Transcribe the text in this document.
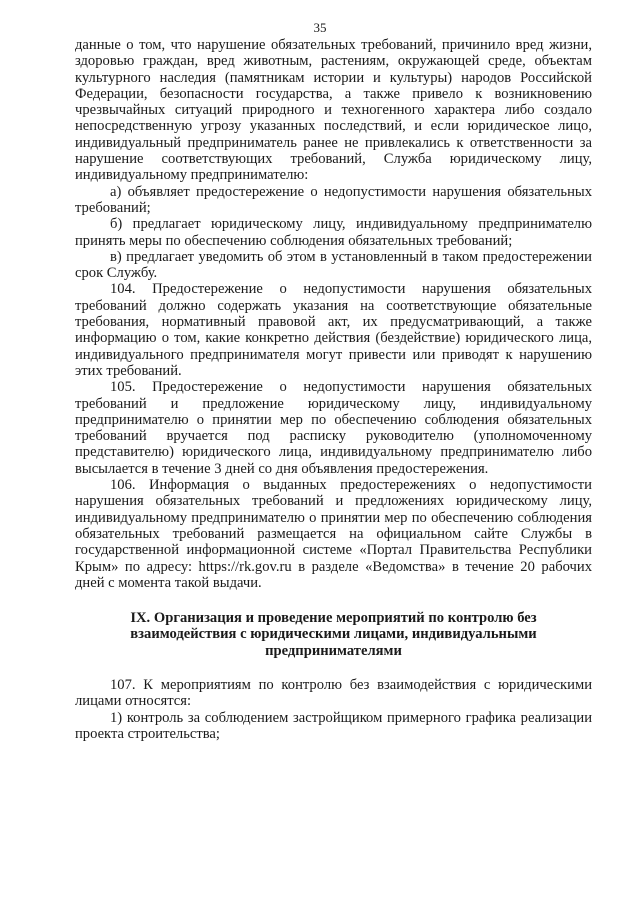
35

данные о том, что нарушение обязательных требований, причинило вред жизни, здоровью граждан, вред животным, растениям, окружающей среде, объектам культурного наследия (памятникам истории и культуры) народов Российской Федерации, безопасности государства, а также привело к возникновению чрезвычайных ситуаций природного и техногенного характера либо создало непосредственную угрозу указанных последствий, и если юридическое лицо, индивидуальный предприниматель ранее не привлекались к ответственности за нарушение соответствующих требований, Служба юридическому лицу, индивидуальному предпринимателю:

а) объявляет предостережение о недопустимости нарушения обязательных требований;

б) предлагает юридическому лицу, индивидуальному предпринимателю принять меры по обеспечению соблюдения обязательных требований;

в) предлагает уведомить об этом в установленный в таком предостережении срок Службу.

104. Предостережение о недопустимости нарушения обязательных требований должно содержать указания на соответствующие обязательные требования, нормативный правовой акт, их предусматривающий, а также информацию о том, какие конкретно действия (бездействие) юридического лица, индивидуального предпринимателя могут привести или приводят к нарушению этих требований.

105. Предостережение о недопустимости нарушения обязательных требований и предложение юридическому лицу, индивидуальному предпринимателю о принятии мер по обеспечению соблюдения обязательных требований вручается под расписку руководителю (уполномоченному представителю) юридического лица, индивидуальному предпринимателю либо высылается в течение 3 дней со дня объявления предостережения.

106. Информация о выданных предостережениях о недопустимости нарушения обязательных требований и предложениях юридическому лицу, индивидуальному предпринимателю о принятии мер по обеспечению соблюдения обязательных требований размещается на официальном сайте Службы в государственной информационной системе «Портал Правительства Республики Крым» по адресу: https://rk.gov.ru в разделе «Ведомства» в течение 20 рабочих дней с момента такой выдачи.

IX. Организация и проведение мероприятий по контролю без взаимодействия с юридическими лицами, индивидуальными предпринимателями

107. К мероприятиям по контролю без взаимодействия с юридическими лицами относятся:

1) контроль за соблюдением застройщиком примерного графика реализации проекта строительства;
